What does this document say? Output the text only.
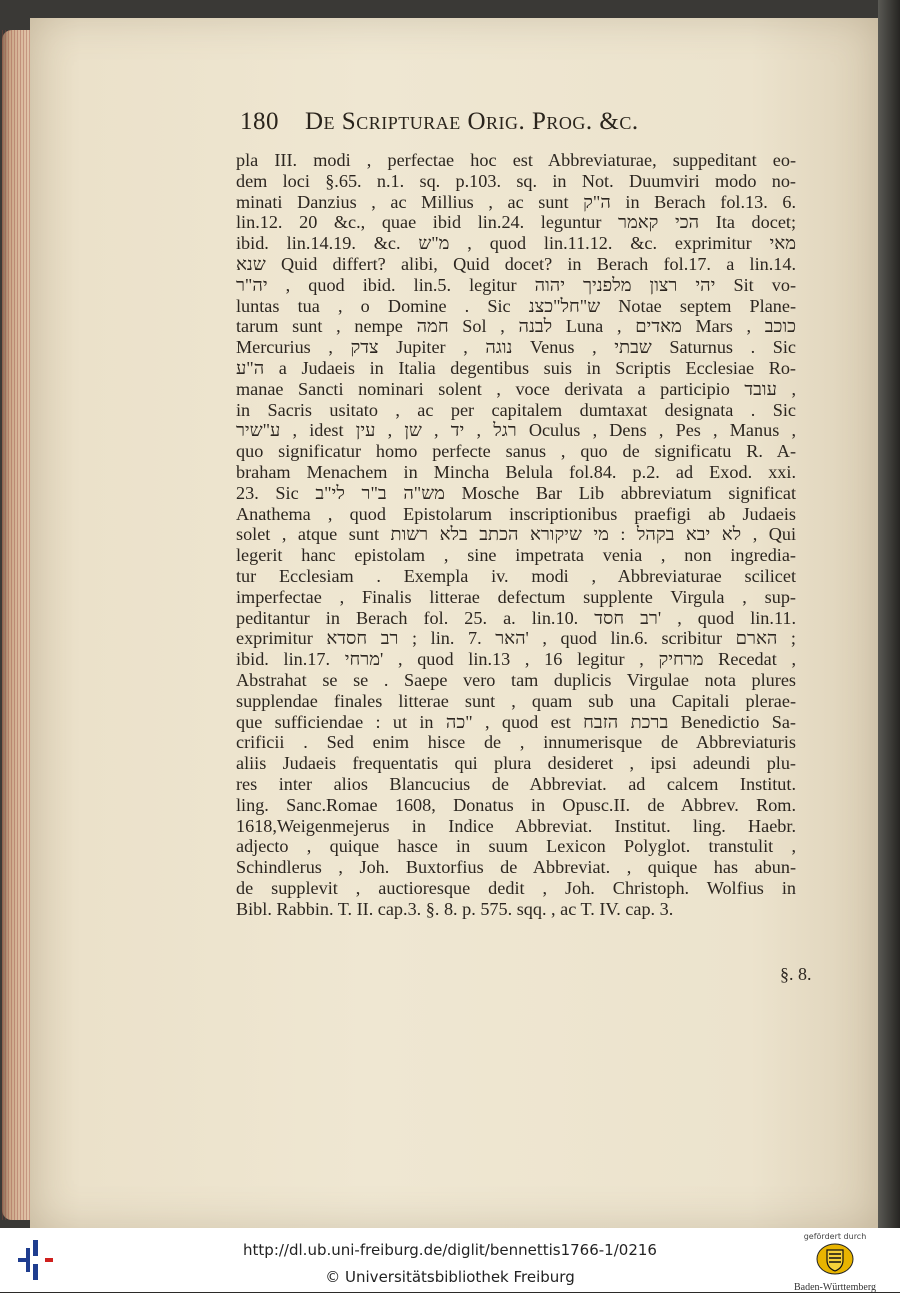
180 De Scripturae Orig. Prog. &c.
pla III. modi , perfectae hoc est Abbreviaturae, suppeditant eo-
dem loci §.65. n.1. sq. p.103. sq. in Not. Duumviri modo no-
minati Danzius , ac Millius , ac sunt ה"ק in Berach fol.13. 6.
lin.12. 20 &c., quae ibid lin.24. leguntur הכי קאמר Ita docet;
ibid. lin.14.19. &c. מ"ש , quod lin.11.12. &c. exprimitur מאי
שנא Quid differt? alibi, Quid docet? in Berach fol.17. a lin.14.
יה"ר , quod ibid. lin.5. legitur יהי רצון מלפניך יהוה Sit vo-
luntas tua , o Domine . Sic ש"חל"כצנ Notae septem Plane-
tarum sunt , nempe חמה Sol , לבנה Luna , מאדים Mars , כוכב
Mercurius , צדק Jupiter , נוגה Venus , שבתי Saturnus . Sic
ה"ע a Judaeis in Italia degentibus suis in Scriptis Ecclesiae Ro-
manae Sancti nominari solent , voce derivata a participio עובד ,
in Sacris usitato , ac per capitalem dumtaxat designata . Sic
ע"שיר , idest רגל , יד , שן , עין Oculus , Dens , Pes , Manus ,
quo significatur homo perfecte sanus , quo de significatu R. A-
braham Menachem in Mincha Belula fol.84. p.2. ad Exod. xxi.
23. Sic מש"ה ב"ר לי"ב Mosche Bar Lib abbreviatum significat
Anathema , quod Epistolarum inscriptionibus praefigi ab Judaeis
solet , atque sunt לא יבא בקהל : מי שיקורא הכתב בלא רשות , Qui
legerit hanc epistolam , sine impetrata venia , non ingredia-
tur Ecclesiam . Exempla iv. modi , Abbreviaturae scilicet
imperfectae , Finalis litterae defectum supplente Virgula , sup-
peditantur in Berach fol. 25. a. lin.10. רב חסד' , quod lin.11.
exprimitur רב חסדא ; lin. 7. האר' , quod lin.6. scribitur הארם ;
ibid. lin.17. מרחי' , quod lin.13 , 16 legitur , מרחיק Recedat ,
Abstrahat se se . Saepe vero tam duplicis Virgulae nota plures
supplendae finales litterae sunt , quam sub una Capitali plerae-
que sufficiendae : ut in כה" , quod est ברכת הזבח Benedictio Sa-
crificii . Sed enim hisce de , innumerisque de Abbreviaturis
aliis Judaeis frequentatis qui plura desideret , ipsi adeundi plu-
res inter alios Blancucius de Abbreviat. ad calcem Institut.
ling. Sanc.Romae 1608, Donatus in Opusc.II. de Abbrev. Rom.
1618,Weigenmejerus in Indice Abbreviat. Institut. ling. Haebr.
adjecto , quique hasce in suum Lexicon Polyglot. transtulit ,
Schindlerus , Joh. Buxtorfius de Abbreviat. , quique has abun-
de supplevit , auctioresque dedit , Joh. Christoph. Wolfius in
Bibl. Rabbin. T. II. cap.3. §. 8. p. 575. sqq. , ac T. IV. cap. 3.
§. 8.
http://dl.ub.uni-freiburg.de/diglit/bennettis1766-1/0216
© Universitätsbibliothek Freiburg
gefördert durch
Baden-Württemberg
